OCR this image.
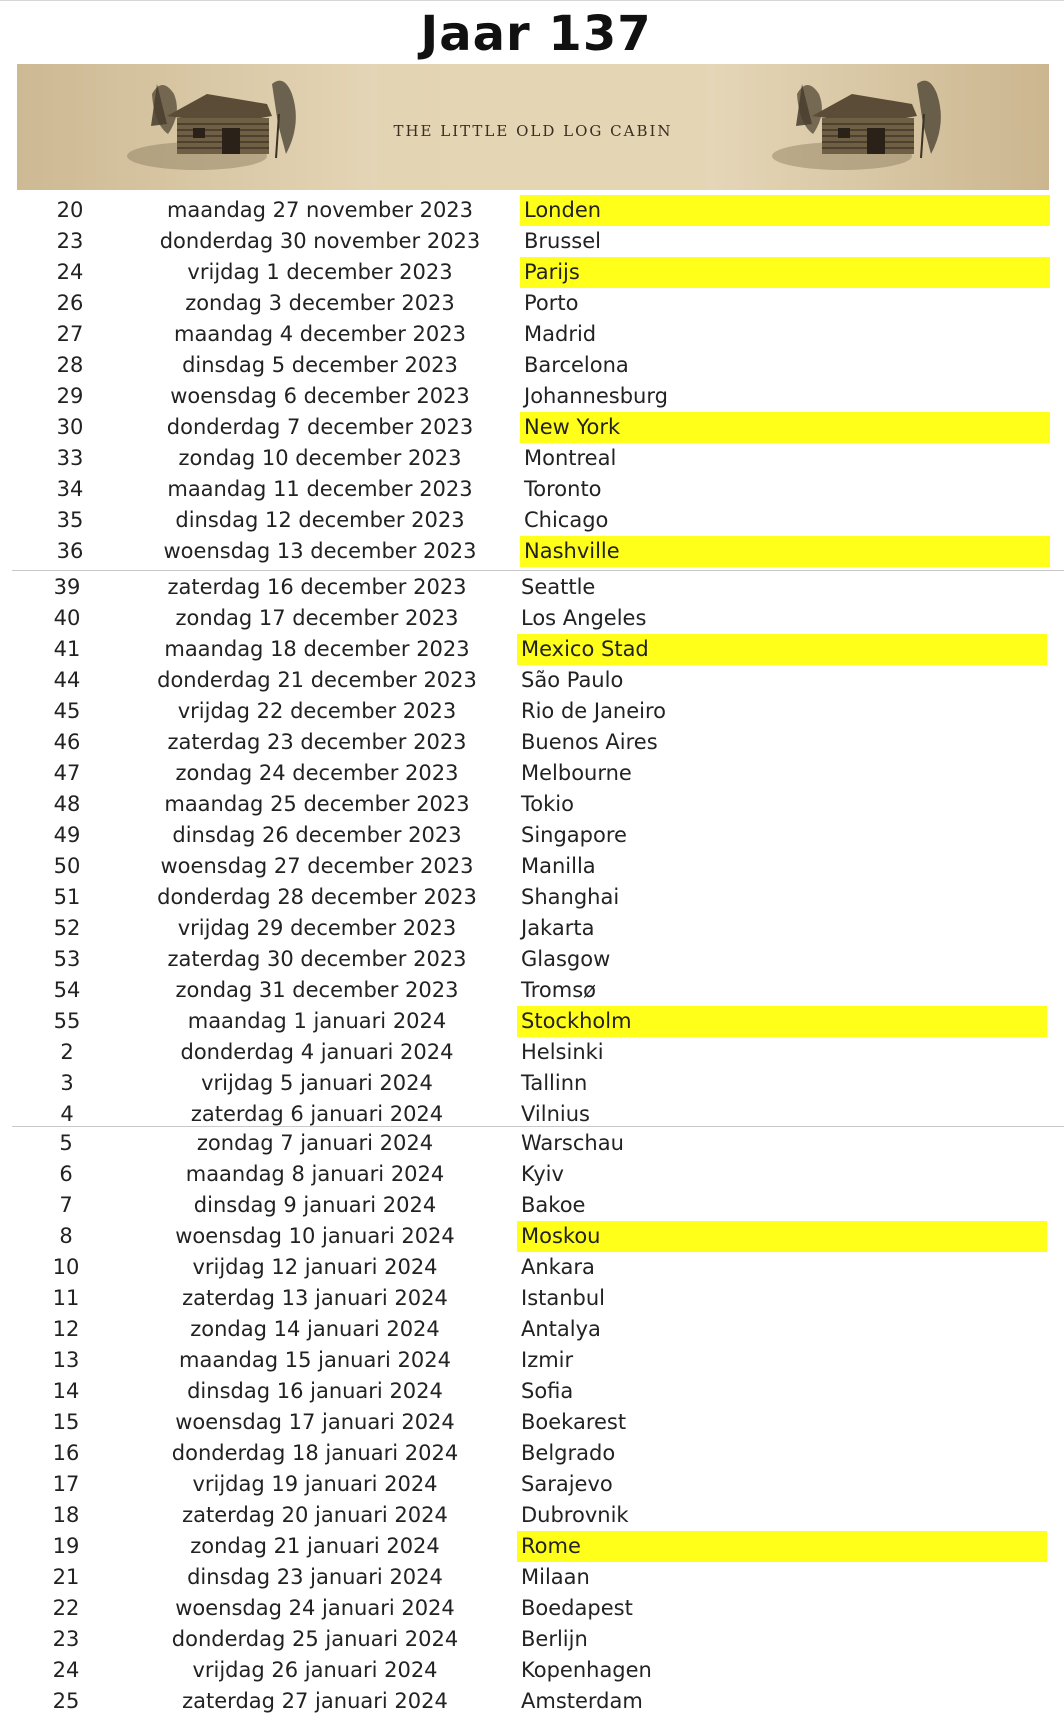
Jaar 137
THE LITTLE OLD LOG CABIN
20	maandag 27 november 2023	Londen
23	donderdag 30 november 2023	Brussel
24	vrijdag 1 december 2023	Parijs
26	zondag 3 december 2023	Porto
27	maandag 4 december 2023	Madrid
28	dinsdag 5 december 2023	Barcelona
29	woensdag 6 december 2023	Johannesburg
30	donderdag 7 december 2023	New York
33	zondag 10 december 2023	Montreal
34	maandag 11 december 2023	Toronto
35	dinsdag 12 december 2023	Chicago
36	woensdag 13 december 2023	Nashville
39	zaterdag 16 december 2023	Seattle
40	zondag 17 december 2023	Los Angeles
41	maandag 18 december 2023	Mexico Stad
44	donderdag 21 december 2023	São Paulo
45	vrijdag 22 december 2023	Rio de Janeiro
46	zaterdag 23 december 2023	Buenos Aires
47	zondag 24 december 2023	Melbourne
48	maandag 25 december 2023	Tokio
49	dinsdag 26 december 2023	Singapore
50	woensdag 27 december 2023	Manilla
51	donderdag 28 december 2023	Shanghai
52	vrijdag 29 december 2023	Jakarta
53	zaterdag 30 december 2023	Glasgow
54	zondag 31 december 2023	Tromsø
55	maandag 1 januari 2024	Stockholm
2	donderdag 4 januari 2024	Helsinki
3	vrijdag 5 januari 2024	Tallinn
4	zaterdag 6 januari 2024	Vilnius
5	zondag 7 januari 2024	Warschau
6	maandag 8 januari 2024	Kyiv
7	dinsdag 9 januari 2024	Bakoe
8	woensdag 10 januari 2024	Moskou
10	vrijdag 12 januari 2024	Ankara
11	zaterdag 13 januari 2024	Istanbul
12	zondag 14 januari 2024	Antalya
13	maandag 15 januari 2024	Izmir
14	dinsdag 16 januari 2024	Sofia
15	woensdag 17 januari 2024	Boekarest
16	donderdag 18 januari 2024	Belgrado
17	vrijdag 19 januari 2024	Sarajevo
18	zaterdag 20 januari 2024	Dubrovnik
19	zondag 21 januari 2024	Rome
21	dinsdag 23 januari 2024	Milaan
22	woensdag 24 januari 2024	Boedapest
23	donderdag 25 januari 2024	Berlijn
24	vrijdag 26 januari 2024	Kopenhagen
25	zaterdag 27 januari 2024	Amsterdam
